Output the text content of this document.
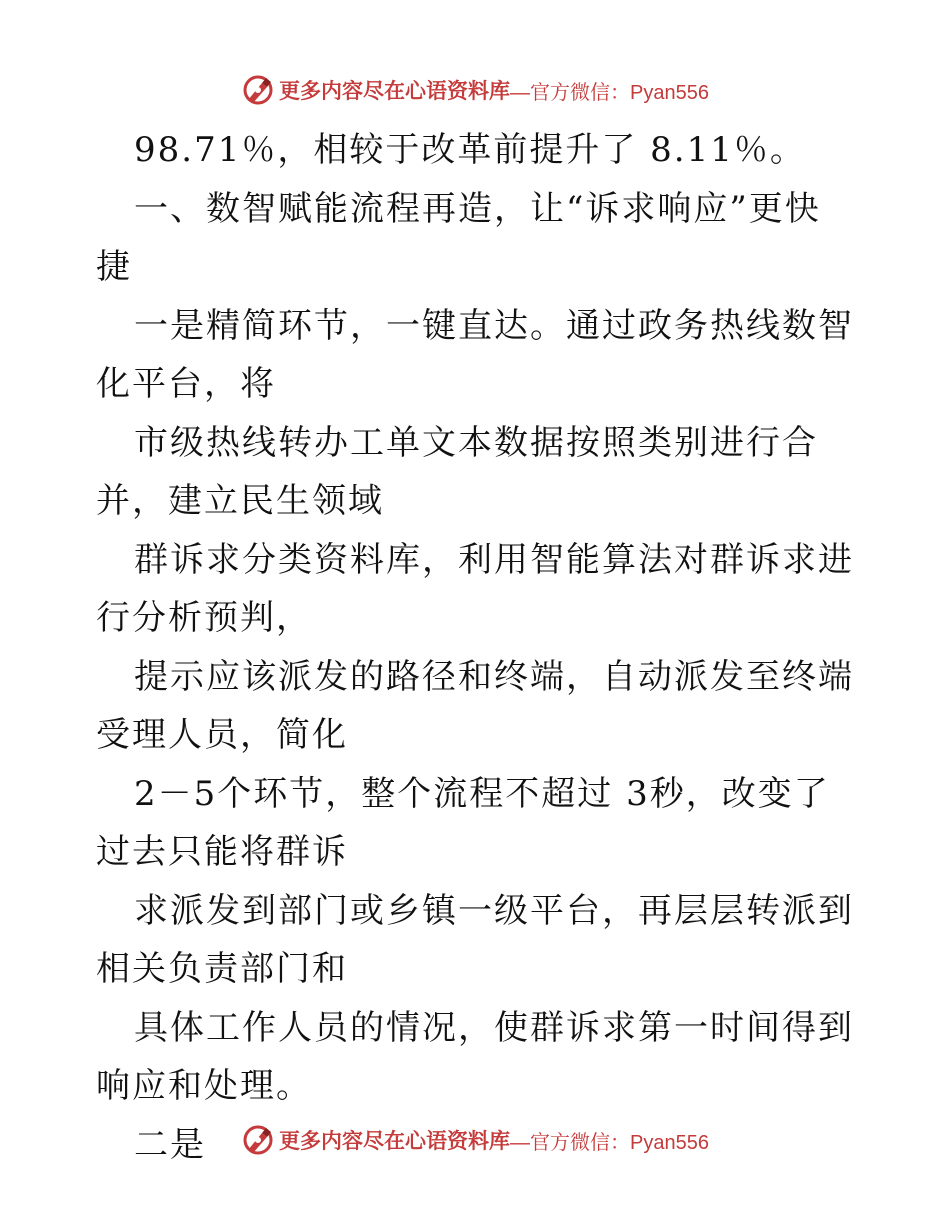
更多内容尽在心语资料库 —官方微信：Pyan556

98.71％，相较于改革前提升了 8.11％。

一、数智赋能流程再造，让“诉求响应”更快捷

一是精简环节，一键直达。通过政务热线数智化平台，将

市级热线转办工单文本数据按照类别进行合并，建立民生领域

群诉求分类资料库，利用智能算法对群诉求进行分析预判，

提示应该派发的路径和终端，自动派发至终端受理人员，简化

2－5个环节，整个流程不超过 3秒，改变了过去只能将群诉

求派发到部门或乡镇一级平台，再层层转派到相关负责部门和

具体工作人员的情况，使群诉求第一时间得到响应和处理。

二是	更多内容尽在心语资料库 —官方微信：Pyan556
